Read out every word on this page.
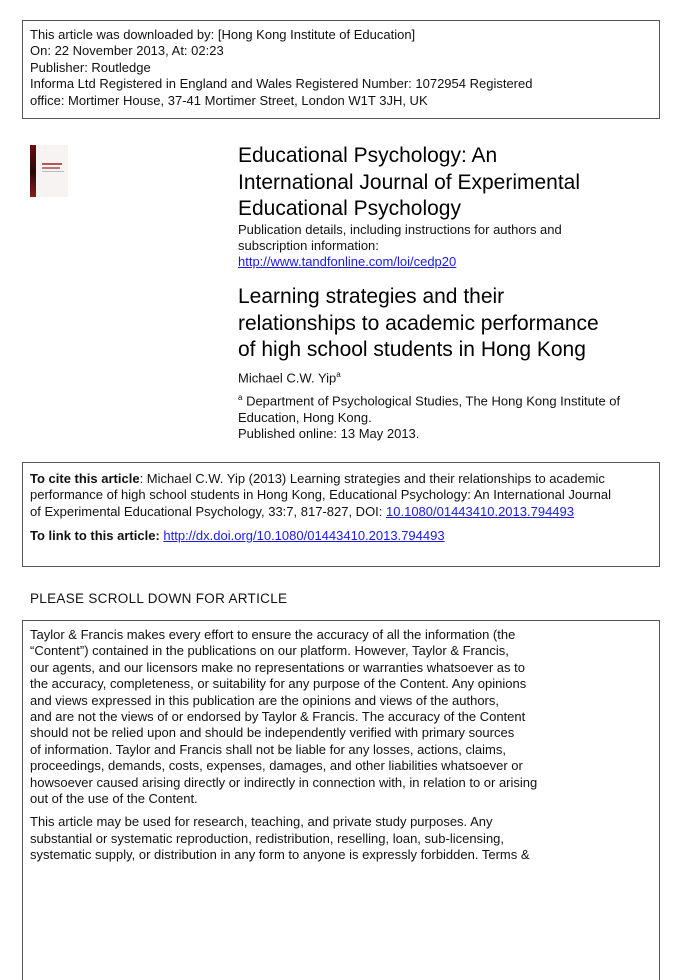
This article was downloaded by: [Hong Kong Institute of Education]
On: 22 November 2013, At: 02:23
Publisher: Routledge
Informa Ltd Registered in England and Wales Registered Number: 1072954 Registered
office: Mortimer House, 37-41 Mortimer Street, London W1T 3JH, UK
Educational Psychology: An
International Journal of Experimental
Educational Psychology
Publication details, including instructions for authors and
subscription information:
http://www.tandfonline.com/loi/cedp20
Learning strategies and their
relationships to academic performance
of high school students in Hong Kong
Michael C.W. Yip$^a$
$^a$ Department of Psychological Studies, The Hong Kong Institute of
Education, Hong Kong.
Published online: 13 May 2013.
To cite this article: Michael C.W. Yip (2013) Learning strategies and their relationships to academic
performance of high school students in Hong Kong, Educational Psychology: An International Journal
of Experimental Educational Psychology, 33:7, 817-827, DOI: 10.1080/01443410.2013.794493
To link to this article: http://dx.doi.org/10.1080/01443410.2013.794493
PLEASE SCROLL DOWN FOR ARTICLE
Taylor & Francis makes every effort to ensure the accuracy of all the information (the
“Content”) contained in the publications on our platform. However, Taylor & Francis,
our agents, and our licensors make no representations or warranties whatsoever as to
the accuracy, completeness, or suitability for any purpose of the Content. Any opinions
and views expressed in this publication are the opinions and views of the authors,
and are not the views of or endorsed by Taylor & Francis. The accuracy of the Content
should not be relied upon and should be independently verified with primary sources
of information. Taylor and Francis shall not be liable for any losses, actions, claims,
proceedings, demands, costs, expenses, damages, and other liabilities whatsoever or
howsoever caused arising directly or indirectly in connection with, in relation to or arising
out of the use of the Content.
This article may be used for research, teaching, and private study purposes. Any
substantial or systematic reproduction, redistribution, reselling, loan, sub-licensing,
systematic supply, or distribution in any form to anyone is expressly forbidden. Terms &
